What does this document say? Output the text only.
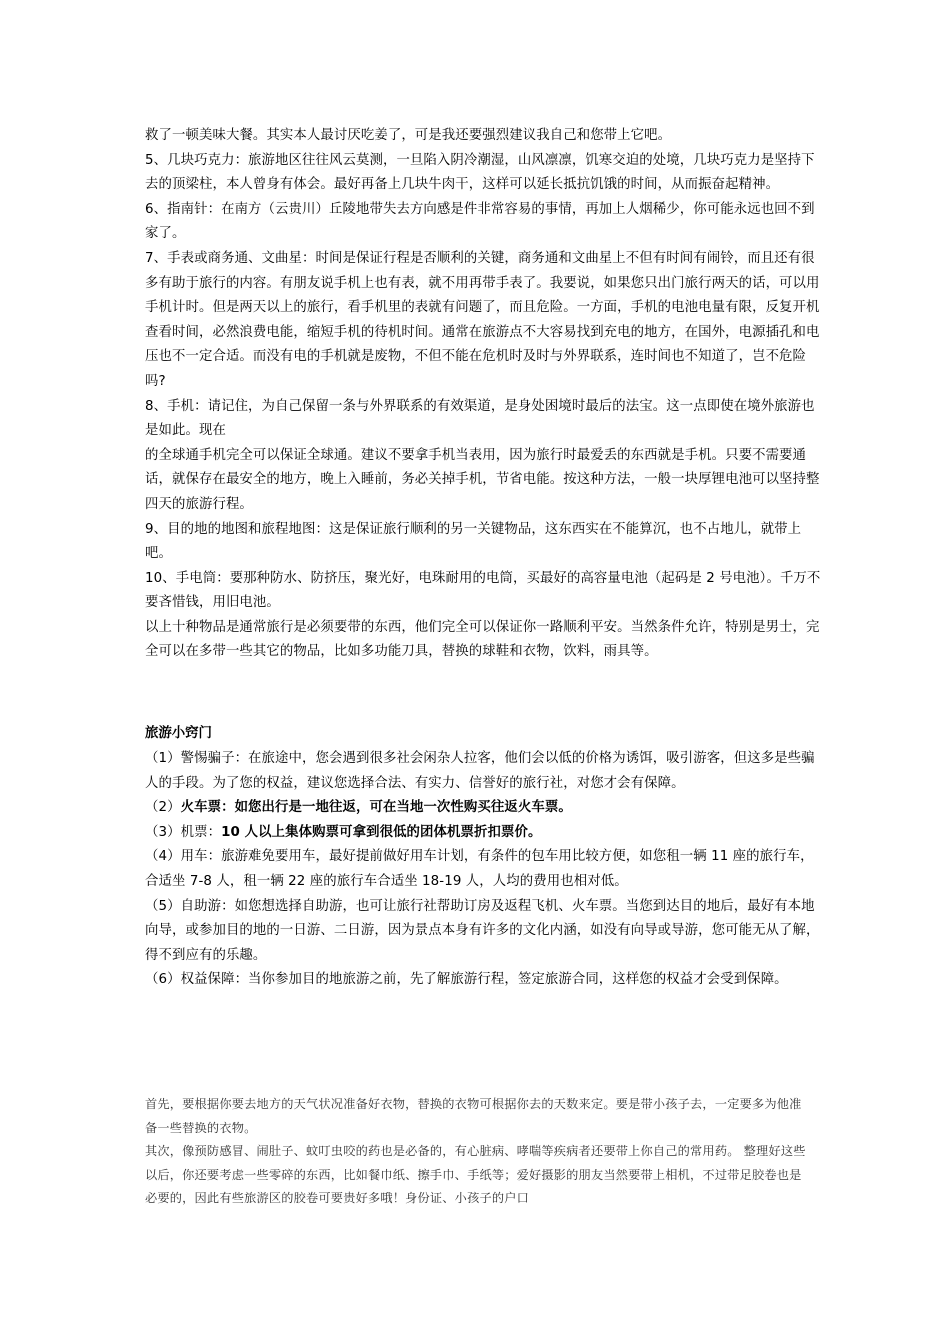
救了一顿美味大餐。其实本人最讨厌吃姜了，可是我还要强烈建议我自己和您带上它吧。

5、几块巧克力：旅游地区往往风云莫测，一旦陷入阴冷潮湿，山风凛凛，饥寒交迫的处境，几块巧克力是坚持下去的顶梁柱，本人曾身有体会。最好再备上几块牛肉干，这样可以延长抵抗饥饿的时间，从而振奋起精神。

6、指南针：在南方（云贵川）丘陵地带失去方向感是件非常容易的事情，再加上人烟稀少，你可能永远也回不到家了。

7、手表或商务通、文曲星：时间是保证行程是否顺利的关键，商务通和文曲星上不但有时间有闹铃，而且还有很多有助于旅行的内容。有朋友说手机上也有表，就不用再带手表了。我要说，如果您只出门旅行两天的话，可以用手机计时。但是两天以上的旅行，看手机里的表就有问题了，而且危险。一方面，手机的电池电量有限，反复开机查看时间，必然浪费电能，缩短手机的待机时间。通常在旅游点不大容易找到充电的地方，在国外，电源插孔和电压也不一定合适。而没有电的手机就是废物，不但不能在危机时及时与外界联系，连时间也不知道了，岂不危险吗?

8、手机：请记住，为自己保留一条与外界联系的有效渠道，是身处困境时最后的法宝。这一点即使在境外旅游也是如此。现在

的全球通手机完全可以保证全球通。建议不要拿手机当表用，因为旅行时最爱丢的东西就是手机。只要不需要通话，就保存在最安全的地方，晚上入睡前，务必关掉手机，节省电能。按这种方法，一般一块厚锂电池可以坚持整四天的旅游行程。

9、目的地的地图和旅程地图：这是保证旅行顺利的另一关键物品，这东西实在不能算沉，也不占地儿，就带上吧。

10、手电筒：要那种防水、防挤压，聚光好，电珠耐用的电筒，买最好的高容量电池（起码是 2 号电池）。千万不要吝惜钱，用旧电池。

以上十种物品是通常旅行是必须要带的东西，他们完全可以保证你一路顺利平安。当然条件允许，特别是男士，完全可以在多带一些其它的物品，比如多功能刀具，替换的球鞋和衣物，饮料，雨具等。

旅游小窍门

（1）警惕骗子：在旅途中，您会遇到很多社会闲杂人拉客，他们会以低的价格为诱饵，吸引游客，但这多是些骗人的手段。为了您的权益，建议您选择合法、有实力、信誉好的旅行社，对您才会有保障。

（2）火车票：如您出行是一地往返，可在当地一次性购买往返火车票。

（3）机票：10 人以上集体购票可拿到很低的团体机票折扣票价。

（4）用车：旅游难免要用车，最好提前做好用车计划，有条件的包车用比较方便，如您租一辆 11 座的旅行车，合适坐 7-8 人，租一辆 22 座的旅行车合适坐 18-19 人，人均的费用也相对低。

（5）自助游：如您想选择自助游，也可让旅行社帮助订房及返程飞机、火车票。当您到达目的地后，最好有本地向导，或参加目的地的一日游、二日游，因为景点本身有许多的文化内涵，如没有向导或导游，您可能无从了解，得不到应有的乐趣。

（6）权益保障：当你参加目的地旅游之前，先了解旅游行程，签定旅游合同，这样您的权益才会受到保障。

首先，要根据你要去地方的天气状况准备好衣物，替换的衣物可根据你去的天数来定。要是带小孩子去，一定要多为他准备一些替换的衣物。

其次，像预防感冒、闹肚子、蚊叮虫咬的药也是必备的，有心脏病、哮喘等疾病者还要带上你自己的常用药。 整理好这些以后，你还要考虑一些零碎的东西，比如餐巾纸、擦手巾、手纸等；爱好摄影的朋友当然要带上相机，不过带足胶卷也是必要的，因此有些旅游区的胶卷可要贵好多哦！身份证、小孩子的户口
